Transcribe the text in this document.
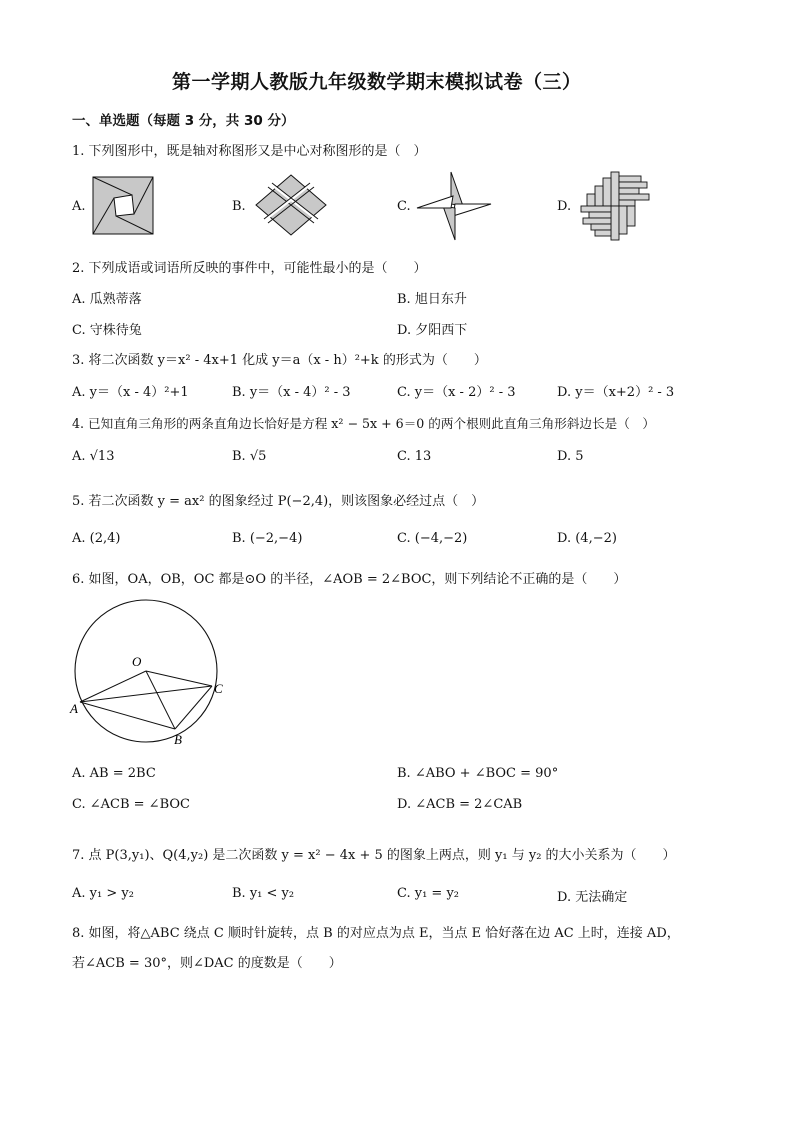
第一学期人教版九年级数学期末模拟试卷（三）
一、单选题（每题 3 分，共 30 分）
1. 下列图形中，既是轴对称图形又是中心对称图形的是（　）
A.	B.	C.	D.
2. 下列成语或词语所反映的事件中，可能性最小的是（　　）
A. 瓜熟蒂落	B. 旭日东升
C. 守株待兔	D. 夕阳西下
3. 将二次函数 y＝x² - 4x+1 化成 y＝a（x - h）²+k 的形式为（　　）
A. y＝（x - 4）²+1	B. y＝（x - 4）² - 3	C. y＝（x - 2）² - 3	D. y＝（x+2）² - 3
4. 已知直角三角形的两条直角边长恰好是方程 x² − 5x + 6＝0 的两个根则此直角三角形斜边长是（　）
A. √13	B. √5	C. 13	D. 5
5. 若二次函数 y = ax² 的图象经过 P(−2,4)，则该图象必经过点（　）
A. (2,4)	B. (−2,−4)	C. (−4,−2)	D. (4,−2)
6. 如图，OA，OB，OC 都是⊙O 的半径，∠AOB = 2∠BOC，则下列结论不正确的是（　　）
O
A
C
B
A. AB = 2BC	B. ∠ABO + ∠BOC = 90°
C. ∠ACB = ∠BOC	D. ∠ACB = 2∠CAB
7. 点 P(3,y₁)、Q(4,y₂) 是二次函数 y = x² − 4x + 5 的图象上两点，则 y₁ 与 y₂ 的大小关系为（　　）
A. y₁ > y₂	B. y₁ < y₂	C. y₁ = y₂	D. 无法确定
8. 如图，将△ABC 绕点 C 顺时针旋转，点 B 的对应点为点 E，当点 E 恰好落在边 AC 上时，连接 AD，
若∠ACB = 30°，则∠DAC 的度数是（　　）
